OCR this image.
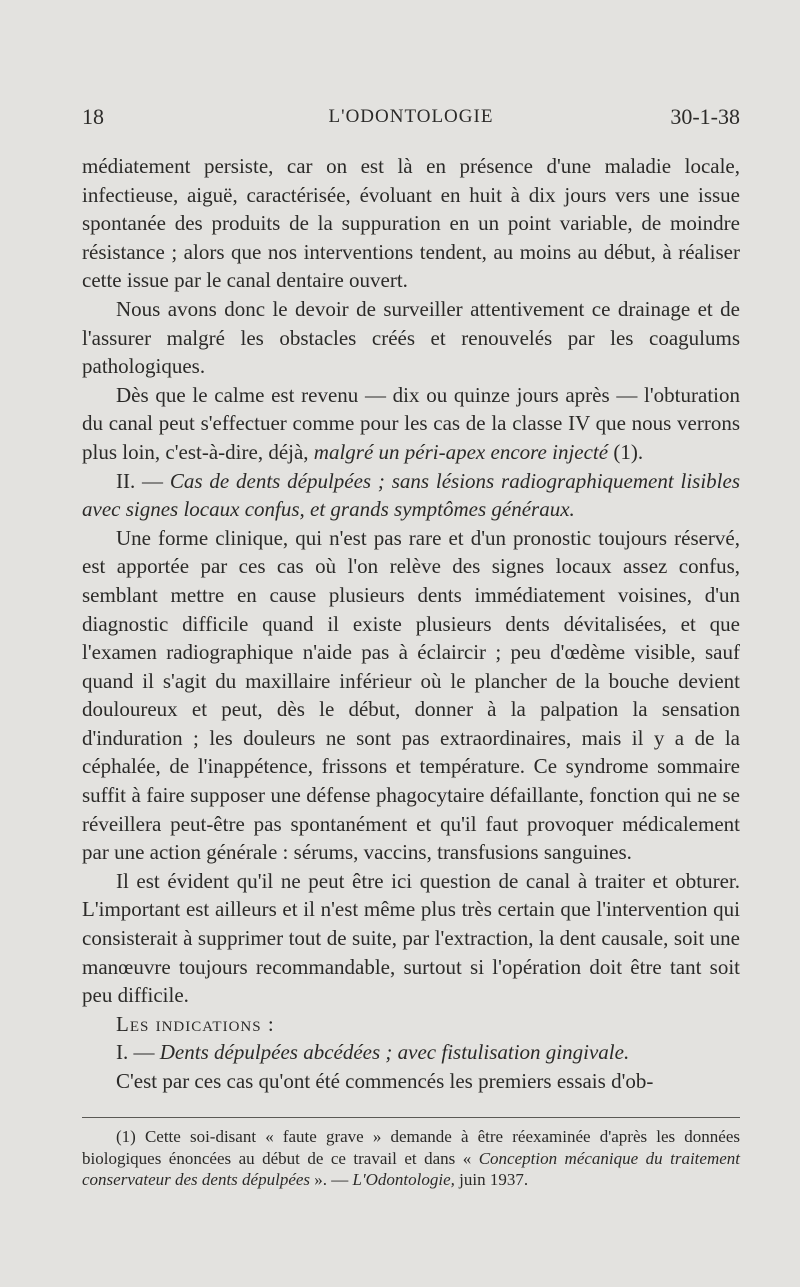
18	L'ODONTOLOGIE	30-1-38

médiatement persiste, car on est là en présence d'une maladie locale, infectieuse, aiguë, caractérisée, évoluant en huit à dix jours vers une issue spontanée des produits de la suppuration en un point variable, de moindre résistance ; alors que nos interventions tendent, au moins au début, à réaliser cette issue par le canal dentaire ouvert.

Nous avons donc le devoir de surveiller attentivement ce drainage et de l'assurer malgré les obstacles créés et renouvelés par les coagulums pathologiques.

Dès que le calme est revenu — dix ou quinze jours après — l'obturation du canal peut s'effectuer comme pour les cas de la classe IV que nous verrons plus loin, c'est-à-dire, déjà, malgré un péri-apex encore injecté (1).

II. — Cas de dents dépulpées ; sans lésions radiographiquement lisibles avec signes locaux confus, et grands symptômes généraux.

Une forme clinique, qui n'est pas rare et d'un pronostic toujours réservé, est apportée par ces cas où l'on relève des signes locaux assez confus, semblant mettre en cause plusieurs dents immédiatement voisines, d'un diagnostic difficile quand il existe plusieurs dents dévitalisées, et que l'examen radiographique n'aide pas à éclaircir ; peu d'œdème visible, sauf quand il s'agit du maxillaire inférieur où le plancher de la bouche devient douloureux et peut, dès le début, donner à la palpation la sensation d'induration ; les douleurs ne sont pas extraordinaires, mais il y a de la céphalée, de l'inappétence, frissons et température. Ce syndrome sommaire suffit à faire supposer une défense phagocytaire défaillante, fonction qui ne se réveillera peut-être pas spontanément et qu'il faut provoquer médicalement par une action générale : sérums, vaccins, transfusions sanguines.

Il est évident qu'il ne peut être ici question de canal à traiter et obturer. L'important est ailleurs et il n'est même plus très certain que l'intervention qui consisterait à supprimer tout de suite, par l'extraction, la dent causale, soit une manœuvre toujours recommandable, surtout si l'opération doit être tant soit peu difficile.

Les indications :

I. — Dents dépulpées abcédées ; avec fistulisation gingivale.

C'est par ces cas qu'ont été commencés les premiers essais d'ob-

(1) Cette soi-disant « faute grave » demande à être réexaminée d'après les données biologiques énoncées au début de ce travail et dans « Conception mécanique du traitement conservateur des dents dépulpées ». — L'Odontologie, juin 1937.
